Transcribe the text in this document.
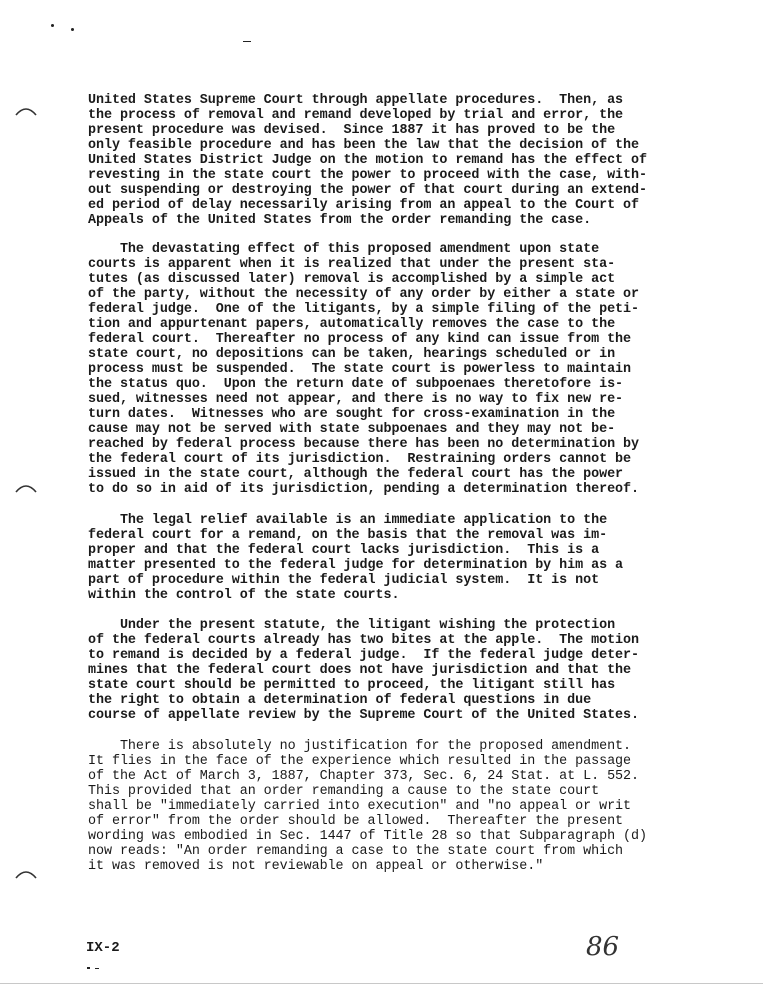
United States Supreme Court through appellate procedures.  Then, as
the process of removal and remand developed by trial and error, the
present procedure was devised.  Since 1887 it has proved to be the
only feasible procedure and has been the law that the decision of the
United States District Judge on the motion to remand has the effect of
revesting in the state court the power to proceed with the case, with-
out suspending or destroying the power of that court during an extend-
ed period of delay necessarily arising from an appeal to the Court of
Appeals of the United States from the order remanding the case.

The devastating effect of this proposed amendment upon state
courts is apparent when it is realized that under the present sta-
tutes (as discussed later) removal is accomplished by a simple act
of the party, without the necessity of any order by either a state or
federal judge.  One of the litigants, by a simple filing of the peti-
tion and appurtenant papers, automatically removes the case to the
federal court.  Thereafter no process of any kind can issue from the
state court, no depositions can be taken, hearings scheduled or in
process must be suspended.  The state court is powerless to maintain
the status quo.  Upon the return date of subpoenaes theretofore is-
sued, witnesses need not appear, and there is no way to fix new re-
turn dates.  Witnesses who are sought for cross-examination in the
cause may not be served with state subpoenaes and they may not be-
reached by federal process because there has been no determination by
the federal court of its jurisdiction.  Restraining orders cannot be
issued in the state court, although the federal court has the power
to do so in aid of its jurisdiction, pending a determination thereof.

The legal relief available is an immediate application to the
federal court for a remand, on the basis that the removal was im-
proper and that the federal court lacks jurisdiction.  This is a
matter presented to the federal judge for determination by him as a
part of procedure within the federal judicial system.  It is not
within the control of the state courts.

Under the present statute, the litigant wishing the protection
of the federal courts already has two bites at the apple.  The motion
to remand is decided by a federal judge.  If the federal judge deter-
mines that the federal court does not have jurisdiction and that the
state court should be permitted to proceed, the litigant still has
the right to obtain a determination of federal questions in due
course of appellate review by the Supreme Court of the United States.

There is absolutely no justification for the proposed amendment.
It flies in the face of the experience which resulted in the passage
of the Act of March 3, 1887, Chapter 373, Sec. 6, 24 Stat. at L. 552.
This provided that an order remanding a cause to the state court
shall be "immediately carried into execution" and "no appeal or writ
of error" from the order should be allowed.  Thereafter the present
wording was embodied in Sec. 1447 of Title 28 so that Subparagraph (d)
now reads: "An order remanding a case to the state court from which
it was removed is not reviewable on appeal or otherwise."

IX-2	86
